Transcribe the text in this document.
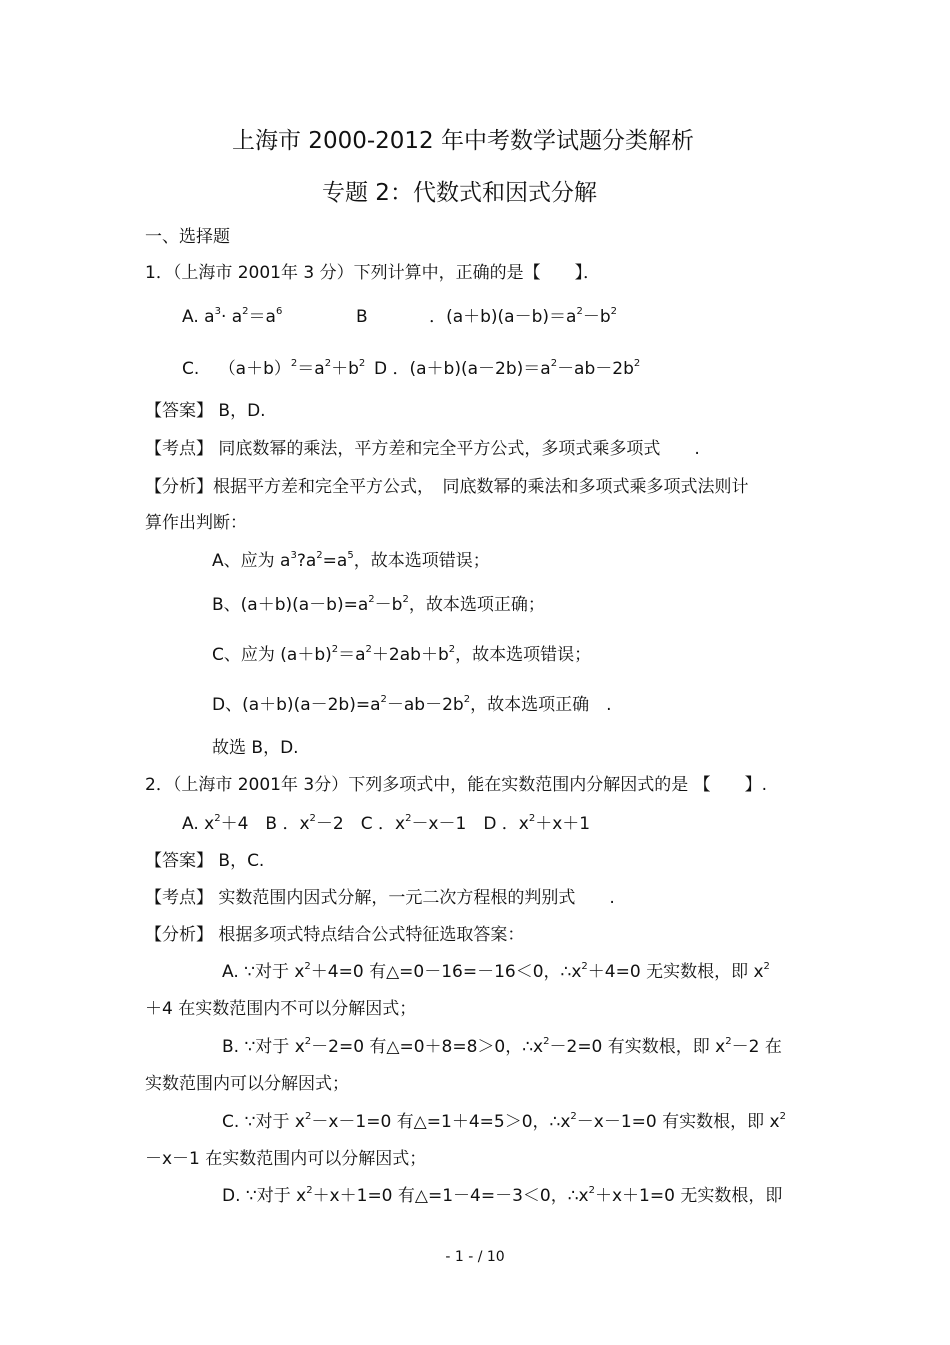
上海市 2000-2012 年中考数学试题分类解析
专题 2：代数式和因式分解
一、选择题
1．（上海市 2001年 3 分）下列计算中，正确的是【　　】．
A. $a^3\cdot a^2=a^6$	B	．$(a+b)(a-b)=a^2-b^2$
C. $(a+b)^2=a^2+b^2$ D ．$(a+b)(a-2b)=a^2-ab-2b^2$
【答案】 B，D.
【考点】 同底数幂的乘法，平方差和完全平方公式，多项式乘多项式　　.
【分析】根据平方差和完全平方公式，　同底数幂的乘法和多项式乘多项式法则计
算作出判断：
A、应为 $a^3?a^2=a^5$，故本选项错误；
B、$(a+b)(a-b)=a^2-b^2$，故本选项正确；
C、应为 $(a+b)^2=a^2+2ab+b^2$，故本选项错误；
D、$(a+b)(a-2b)=a^2-ab-2b^2$，故本选项正确　.
故选 B，D.
2．（上海市 2001年 3分）下列多项式中，能在实数范围内分解因式的是 【　　】.
A. $x^2+4$　B ．$x^2-2$　C ．$x^2-x-1$　D ．$x^2+x+1$
【答案】 B，C.
【考点】 实数范围内因式分解，一元二次方程根的判别式　　.
【分析】 根据多项式特点结合公式特征选取答案：
A. ∵对于 $x^2+4=0$ 有△=0－16=－16＜0，$\therefore x^2+4=0$ 无实数根，即 $x^2$
＋4 在实数范围内不可以分解因式；
B. ∵对于 $x^2-2=0$ 有△=0＋8=8＞0，$\therefore x^2-2=0$ 有实数根，即 $x^2-2$ 在
实数范围内可以分解因式；
C. ∵对于 $x^2-x-1=0$ 有△=1＋4=5＞0，$\therefore x^2-x-1=0$ 有实数根，即 $x^2$
－x－1 在实数范围内可以分解因式；
D. ∵对于 $x^2+x+1=0$ 有△=1－4=－3＜0，$\therefore x^2+x+1=0$ 无实数根，即
- 1 - / 10
